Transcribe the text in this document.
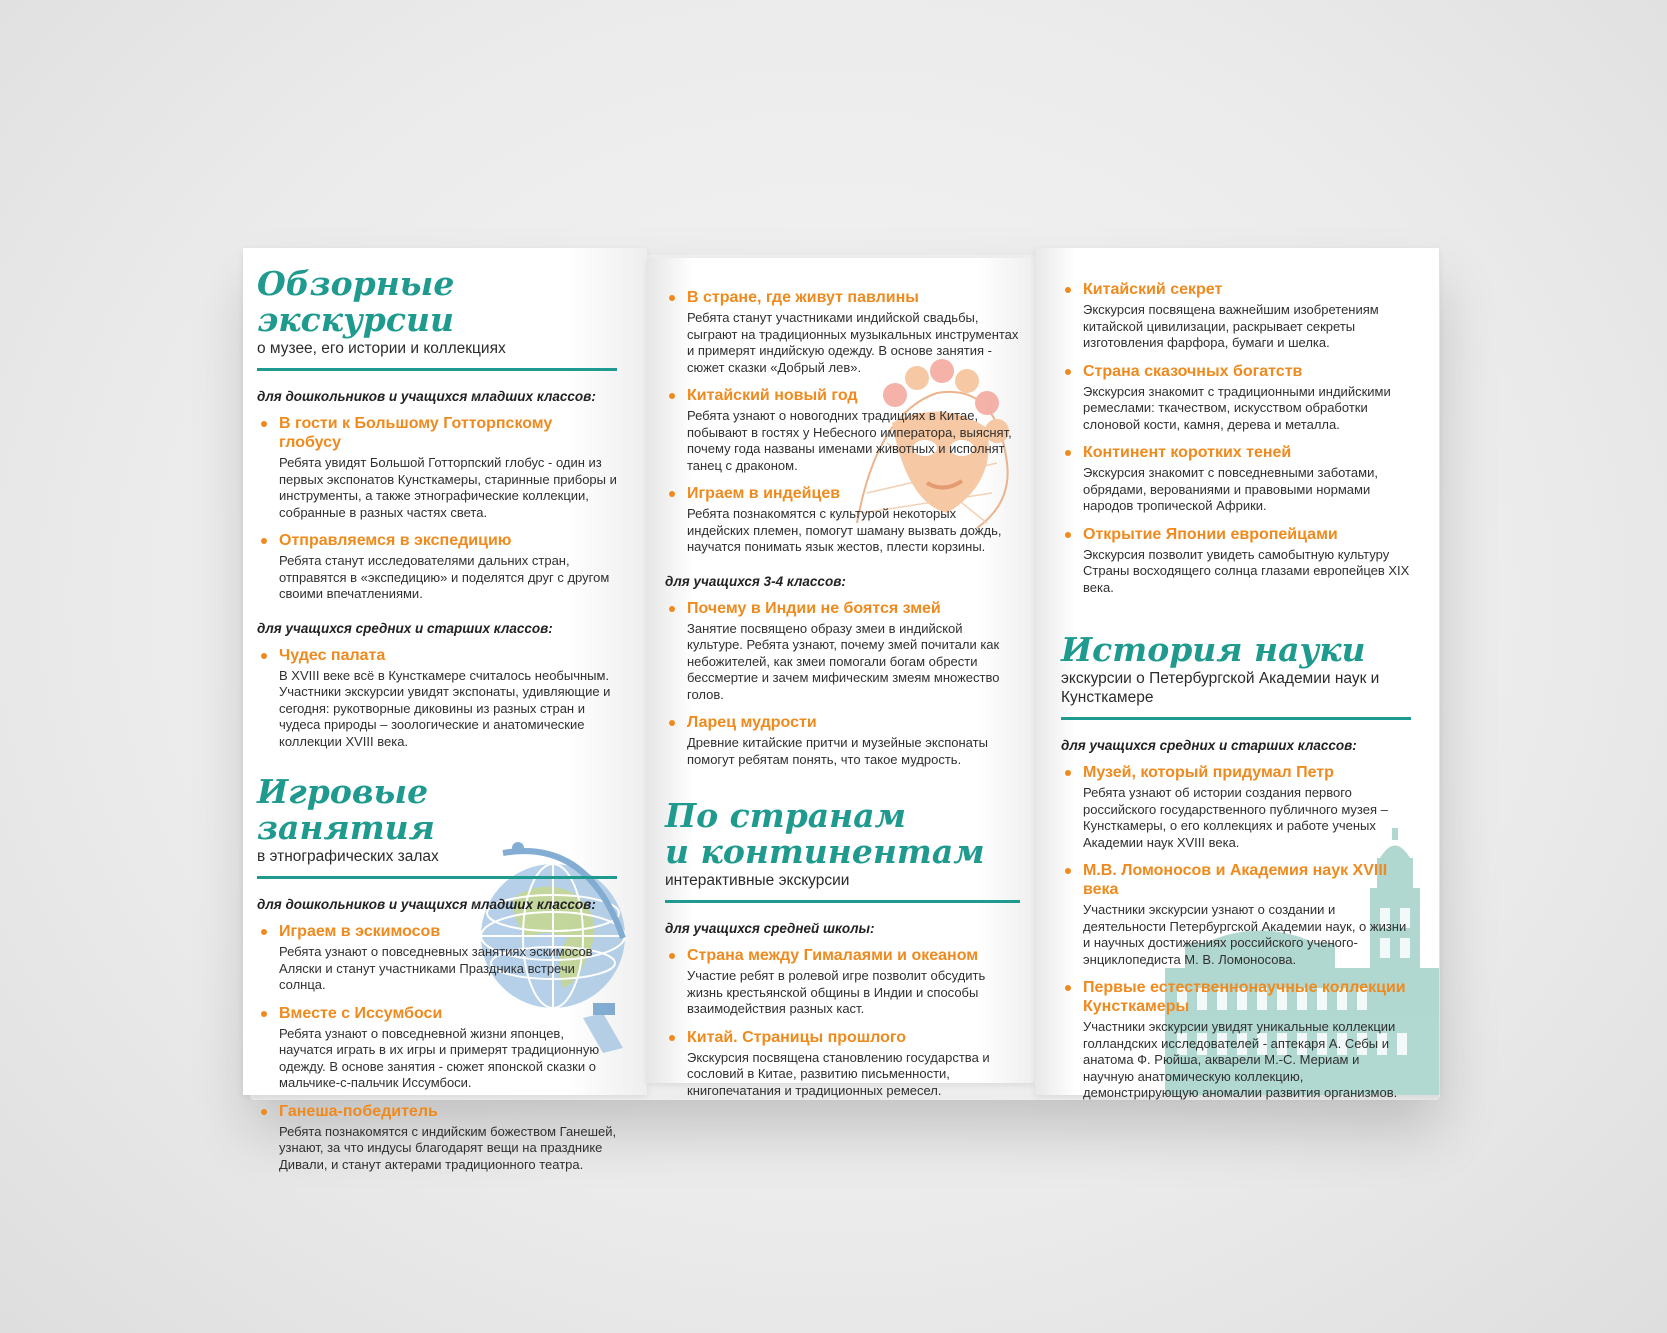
Обзорные экскурсии
о музее, его истории и коллекциях
для дошкольников и учащихся младших классов:
В гости к Большому Готторпскому глобусу
Ребята увидят Большой Готторпский глобус - один из первых экспонатов Кунсткамеры, старинные приборы и инструменты, а также этнографические коллекции, собранные в разных частях света.
Отправляемся в экспедицию
Ребята станут исследователями дальних стран, отправятся в «экспедицию» и поделятся друг с другом своими впечатлениями.
для учащихся средних и старших классов:
Чудес палата
В XVIII веке всё в Кунсткамере считалось необычным. Участники экскурсии увидят экспонаты, удивляющие и сегодня: рукотворные диковины из разных стран и чудеса природы – зоологические и анатомические коллекции XVIII века.
Игровые занятия
в этнографических залах
для дошкольников и учащихся младших классов:
Играем в эскимосов
Ребята узнают о повседневных занятиях эскимосов Аляски и станут участниками Праздника встречи солнца.
Вместе с Иссумбоси
Ребята узнают о повседневной жизни японцев, научатся играть в их игры и примерят традиционную одежду. В основе занятия - сюжет японской сказки о мальчике-с-пальчик Иссумбоси.
Ганеша-победитель
Ребята познакомятся с индийским божеством Ганешей, узнают, за что индусы благодарят вещи на празднике Дивали, и станут актерами традиционного театра.
В стране, где живут павлины
Ребята станут участниками индийской свадьбы, сыграют на традиционных музыкальных инструментах и примерят индийскую одежду. В основе занятия - сюжет сказки «Добрый лев».
Китайский новый год
Ребята узнают о новогодних традициях в Китае, побывают в гостях у Небесного императора, выяснят, почему года названы именами животных и исполнят танец с драконом.
Играем в индейцев
Ребята познакомятся с культурой некоторых индейских племен, помогут шаману вызвать дождь, научатся понимать язык жестов, плести корзины.
для учащихся 3-4 классов:
Почему в Индии не боятся змей
Занятие посвящено образу змеи в индийской культуре. Ребята узнают, почему змей почитали как небожителей, как змеи помогали богам обрести бессмертие и зачем мифическим змеям множество голов.
Ларец мудрости
Древние китайские притчи и музейные экспонаты помогут ребятам понять, что такое мудрость.
По странам
и континентам
интерактивные экскурсии
для учащихся средней школы:
Страна между Гималаями и океаном
Участие ребят в ролевой игре позволит обсудить жизнь крестьянской общины в Индии и способы взаимодействия разных каст.
Китай. Страницы прошлого
Экскурсия посвящена становлению государства и сословий в Китае, развитию письменности, книгопечатания и традиционных ремесел.
Китайский секрет
Экскурсия посвящена важнейшим изобретениям китайской цивилизации, раскрывает секреты изготовления фарфора, бумаги и шелка.
Страна сказочных богатств
Экскурсия знакомит с традиционными индийскими ремеслами: ткачеством, искусством обработки слоновой кости, камня, дерева и металла.
Континент коротких теней
Экскурсия знакомит с повседневными заботами, обрядами, верованиями и правовыми нормами народов тропической Африки.
Открытие Японии европейцами
Экскурсия позволит увидеть самобытную культуру Страны восходящего солнца глазами европейцев XIX века.
История науки
экскурсии о Петербургской Академии наук и Кунсткамере
для учащихся средних и старших классов:
Музей, который придумал Петр
Ребята узнают об истории создания первого российского государственного публичного музея – Кунсткамеры, о его коллекциях и работе ученых Академии наук XVIII века.
М.В. Ломоносов и Академия наук XVIII века
Участники экскурсии узнают о создании и деятельности Петербургской Академии наук, о жизни и научных достижениях российского ученого-энциклопедиста М. В. Ломоносова.
Первые естественнонаучные коллекции Кунсткамеры
Участники экскурсии увидят уникальные коллекции голландских исследователей - аптекаря А. Себы и анатома Ф. Рюйша, акварели М.-С. Мериам и научную анатомическую коллекцию, демонстрирующую аномалии развития организмов.
